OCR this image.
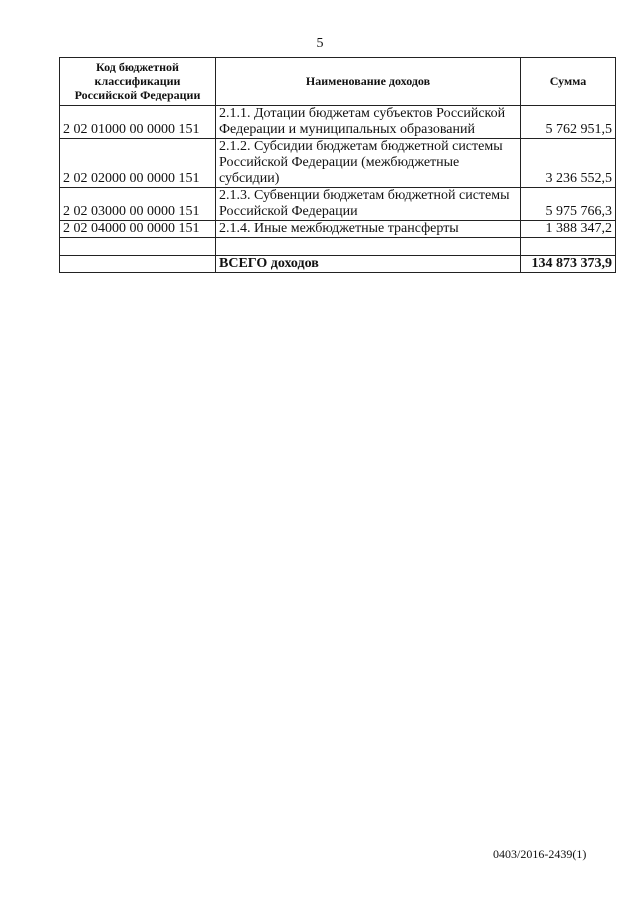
5
Код бюджетной классификации Российской Федерации	Наименование доходов	Сумма
2 02 01000 00 0000 151	2.1.1. Дотации бюджетам субъектов Российской Федерации и муниципальных образований	5 762 951,5
2 02 02000 00 0000 151	2.1.2. Субсидии бюджетам бюджетной системы Российской Федерации (межбюджетные субсидии)	3 236 552,5
2 02 03000 00 0000 151	2.1.3. Субвенции бюджетам бюджетной системы Российской Федерации	5 975 766,3
2 02 04000 00 0000 151	2.1.4. Иные межбюджетные трансферты	1 388 347,2

	ВСЕГО доходов	134 873 373,9
0403/2016-2439(1)
